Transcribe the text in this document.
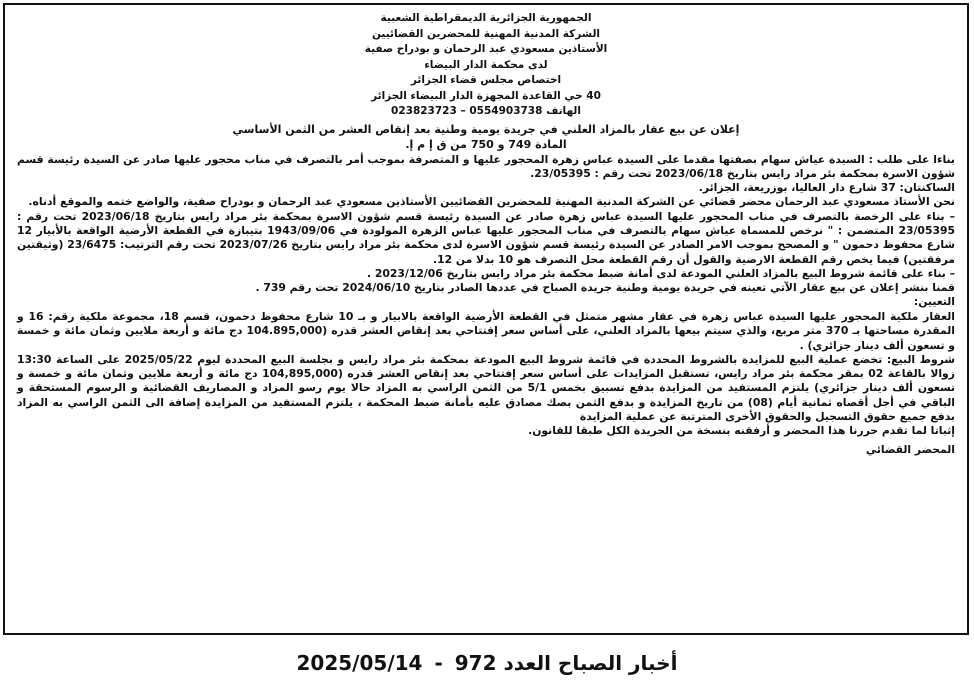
الجمهورية الجزائرية الديمقراطية الشعبية
الشركة المدنية المهنية للمحضرين القضائيين
الأستاذين مسعودي عبد الرحمان و بودراح صفية
لدى محكمة الدار البيضاء
اختصاص مجلس قضاء الجزائر
40 حي القاعدة المجهزة الدار البيضاء الجزائر
الهاتف 0554903738 – 023823723
إعلان عن بيع عقار بالمزاد العلني في جريدة يومية وطنية بعد إنقاص العشر من الثمن الأساسي
المادة 749 و 750 من ق إ م إ.

بناءا على طلب : السيدة عياش سهام بصفتها مقدما على السيدة عباس زهرة المحجور عليها و المتصرفة بموجب أمر بالتصرف في مناب محجور عليها صادر عن السيدة رئيسة قسم شؤون الاسرة بمحكمة بئر مراد رايس بتاريخ 2023/06/18 تحت رقم : 23/05395.

الساكنتان: 37 شارع دار العاليا، بوزريعة، الجزائر.

نحن الأستاذ مسعودي عبد الرحمان محضر قضائي عن الشركة المدنية المهنية للمحضرين القضائيين الأستاذين مسعودي عبد الرحمان و بودراح صفية، والواضع ختمه والموقع أدناه.

– بناء على الرخصة بالتصرف في مناب المحجور عليها السيدة عباس زهرة صادر عن السيدة رئيسة قسم شؤون الاسرة بمحكمة بئر مراد رايس بتاريخ 2023/06/18 تحت رقم : 23/05395 المتضمن : " نرخص للمسماة عياش سهام بالتصرف في مناب المحجور عليها عباس الزهرة المولودة في 1943/09/06 بتيبازة في القطعة الأرضية الواقعة بالأبيار 12 شارع محفوظ دحمون " و المصحح بموجب الامر الصادر عن السيدة رئيسة قسم شؤون الاسرة لدى محكمة بئر مراد رايس بتاريخ 2023/07/26 تحت رقم الترتيب: 23/6475 (وثيقتين مرفقتين) فيما يخص رقم القطعة الارضية والقول أن رقم القطعة محل التصرف هو 10 بدلا من 12.

– بناء على قائمة شروط البيع بالمزاد العلني المودعة لدى أمانة ضبط محكمة بئر مراد رايس بتاريخ 2023/12/06 .

قمنا بنشر إعلان عن بيع عقار الآتي تعينه في جريدة يومية وطنية جريدة الصباح في عددها الصادر بتاريخ 2024/06/10 تحت رقم 739 .

التعيين:

العقار ملكية المحجور عليها السيدة عباس زهرة في عقار مشهر متمثل في القطعة الأرضية الواقعة بالابيار و بـ 10 شارع محفوظ دحمون، قسم 18، مجموعة ملكية رقم: 16 و المقدرة مساحتها بـ 370 متر مربع، والذي سيتم بيعها بالمزاد العلني، على أساس سعر إفتتاحي بعد إنقاص العشر قدره (104.895,000 دج مائة و أربعة ملايين وثمان مائة و خمسة و تسعون ألف دينار جزائري) .

شروط البيع: تخضع عملية البيع للمزايدة بالشروط المحددة في قائمة شروط البيع المودعة بمحكمة بئر مراد رايس و بجلسة البيع المحددة ليوم 2025/05/22 على الساعة 13:30 زوالا بالقاعة 02 بمقر محكمة بئر مراد رايس، تستقبل المزايدات على أساس سعر إفتتاحي بعد إنقاص العشر قدره (104,895,000 دج مائة و أربعة ملايين وثمان مائة و خمسة و تسعون ألف دينار جزائري) يلتزم المستفيد من المزايدة بدفع تسبيق بخمس 5/1 من الثمن الراسي به المزاد حالا يوم رسو المزاد و المصاريف القضائية و الرسوم المستحقة و الباقي في أجل أقصاه ثمانية أيام (08) من تاريخ المزايدة و بدفع الثمن بصك مصادق عليه بأمانة ضبط المحكمة ، يلتزم المستفيد من المزايدة إضافة الى الثمن الراسي به المزاد بدفع جميع حقوق التسجيل والحقوق الأخرى المترتبة عن عملية المزايدة

إثباتا لما تقدم حررنا هذا المحضر و أرفقنه بنسخة من الجريدة الكل طبقا للقانون.

المحضر القضائي
أخبار الصباح العدد 972
-
2025/05/14
